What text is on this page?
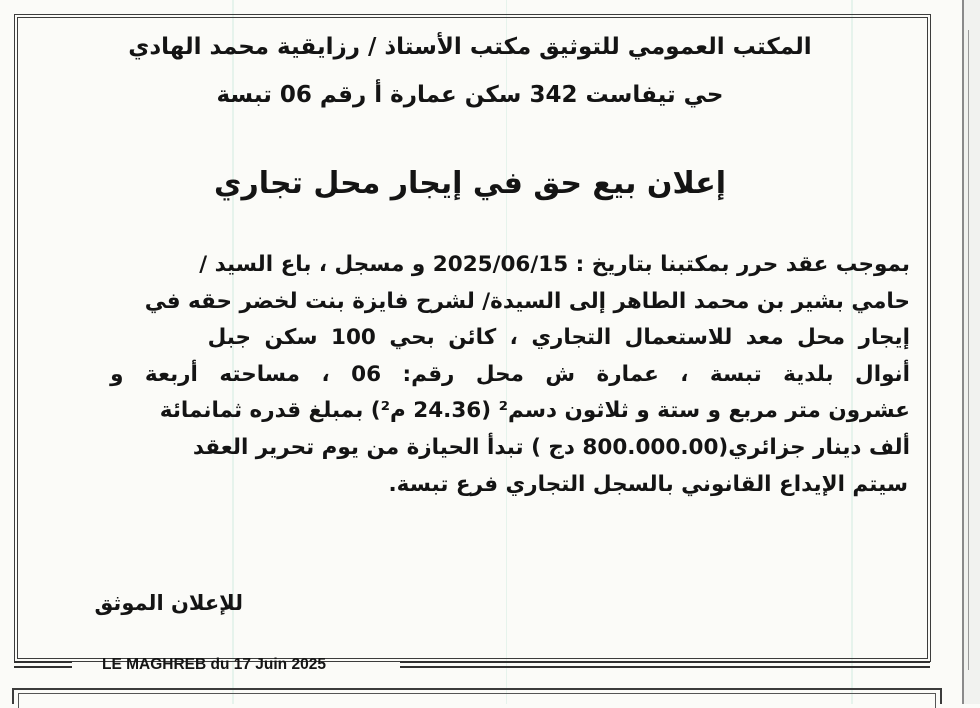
المكتب العمومي للتوثيق مكتب الأستاذ / رزايقية محمد الهادي
حي تيفاست 342 سكن عمارة أ رقم 06 تبسة
إعلان بيع حق في إيجار محل تجاري

بموجب عقد حرر بمكتبنا بتاريخ : 2025/06/15 و مسجل ، باع السيد /
حامي بشير بن محمد الطاهر إلى السيدة/ لشرح فايزة بنت لخضر حقه في
إيجار محل معد للاستعمال التجاري ، كائن بحي 100 سكن جبل
أنوال بلدية تبسة ، عمارة ش محل رقم: 06 ، مساحته أربعة و
عشرون متر مربع و ستة و ثلاثون دسم² (24.36 م²) بمبلغ قدره ثمانمائة
ألف دينار جزائري(800.000.00 دج ) تبدأ الحيازة من يوم تحرير العقد
سيتم الإيداع القانوني بالسجل التجاري فرع تبسة.

للإعلان الموثق
LE MAGHREB du 17 Juin 2025
